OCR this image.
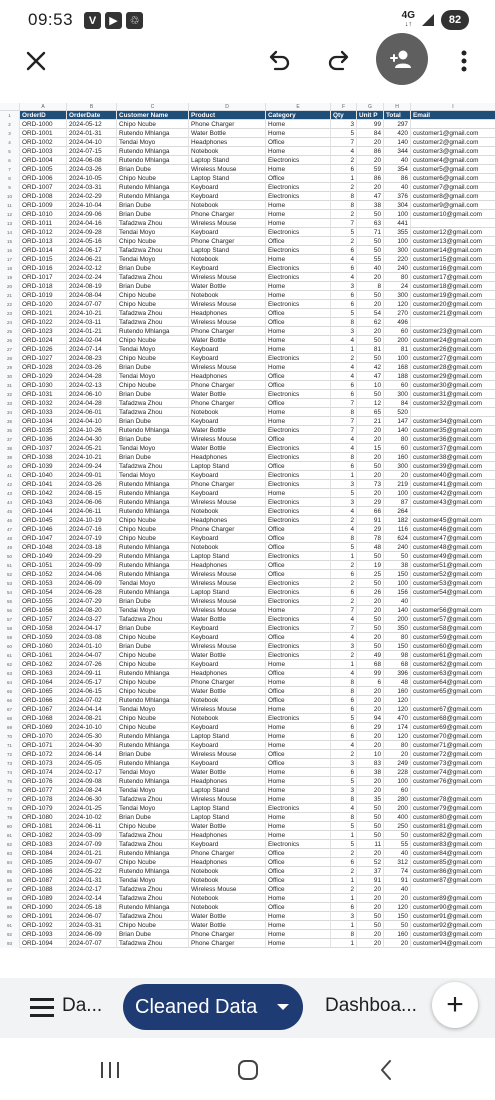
09:53	V	▶	♲	4G
↓↑	82
A	B	C	D	E	F	G	H	I
1	OrderID	OrderDate	Customer Name	Product	Category	Qty	Unit P	Total	Email
2	ORD-1000	2024-05-12	Chipo Ncube	Phone Charger	Home	3	99	297
3	ORD-1001	2024-01-31	Rutendo Mhlanga	Water Bottle	Home	5	84	420 customer1@gmail.com
4	ORD-1002	2024-04-10	Tendai Moyo	Headphones	Office	7	20	140 customer2@gmail.com
5	ORD-1003	2024-07-15	Rutendo Mhlanga	Notebook	Home	4	86	344 customer3@gmail.com
6	ORD-1004	2024-06-08	Rutendo Mhlanga	Laptop Stand	Electronics	2	20	40 customer4@gmail.com
7	ORD-1005	2024-03-26	Brian Dube	Wireless Mouse	Home	6	59	354 customer5@gmail.com
8	ORD-1006	2024-10-05	Chipo Ncube	Laptop Stand	Office	1	86	86 customer6@gmail.com
9	ORD-1007	2024-03-31	Rutendo Mhlanga	Keyboard	Electronics	2	20	40 customer7@gmail.com
10	ORD-1008	2024-02-29	Rutendo Mhlanga	Keyboard	Electronics	8	47	376 customer8@gmail.com
11	ORD-1009	2024-10-04	Brian Dube	Notebook	Home	8	38	304 customer9@gmail.com
12	ORD-1010	2024-09-06	Brian Dube	Phone Charger	Home	2	50	100 customer10@gmail.com
13	ORD-1011	2024-04-16	Tafadzwa Zhou	Wireless Mouse	Home	7	63	441
14	ORD-1012	2024-09-28	Tendai Moyo	Keyboard	Electronics	5	71	355 customer12@gmail.com
15	ORD-1013	2024-05-16	Chipo Ncube	Phone Charger	Office	2	50	100 customer13@gmail.com
16	ORD-1014	2024-06-17	Tafadzwa Zhou	Laptop Stand	Electronics	6	50	300 customer14@gmail.com
17	ORD-1015	2024-06-21	Tendai Moyo	Notebook	Home	4	55	220 customer15@gmail.com
18	ORD-1016	2024-02-12	Brian Dube	Keyboard	Electronics	6	40	240 customer16@gmail.com
19	ORD-1017	2024-02-24	Tafadzwa Zhou	Wireless Mouse	Electronics	4	20	80 customer17@gmail.com
20	ORD-1018	2024-08-19	Brian Dube	Water Bottle	Home	3	8	24 customer18@gmail.com
21	ORD-1019	2024-08-04	Chipo Ncube	Notebook	Home	6	50	300 customer19@gmail.com
22	ORD-1020	2024-07-07	Chipo Ncube	Wireless Mouse	Electronics	6	20	120 customer20@gmail.com
23	ORD-1021	2024-10-21	Tafadzwa Zhou	Headphones	Office	5	54	270 customer21@gmail.com
24	ORD-1022	2024-03-11	Tafadzwa Zhou	Wireless Mouse	Office	8	62	496
25	ORD-1023	2024-01-21	Rutendo Mhlanga	Phone Charger	Home	3	20	60 customer23@gmail.com
26	ORD-1024	2024-02-04	Chipo Ncube	Water Bottle	Home	4	50	200 customer24@gmail.com
27	ORD-1026	2024-07-14	Tendai Moyo	Keyboard	Home	1	81	81 customer26@gmail.com
28	ORD-1027	2024-08-23	Chipo Ncube	Keyboard	Electronics	2	50	100 customer27@gmail.com
29	ORD-1028	2024-03-26	Brian Dube	Wireless Mouse	Home	4	42	168 customer28@gmail.com
30	ORD-1029	2024-04-28	Tendai Moyo	Headphones	Office	4	47	188 customer29@gmail.com
31	ORD-1030	2024-02-13	Chipo Ncube	Phone Charger	Office	6	10	60 customer30@gmail.com
32	ORD-1031	2024-06-10	Brian Dube	Water Bottle	Electronics	6	50	300 customer31@gmail.com
33	ORD-1032	2024-04-28	Tafadzwa Zhou	Phone Charger	Office	7	12	84 customer32@gmail.com
34	ORD-1033	2024-06-01	Tafadzwa Zhou	Notebook	Home	8	65	520
35	ORD-1034	2024-04-10	Brian Dube	Keyboard	Home	7	21	147 customer34@gmail.com
36	ORD-1035	2024-10-26	Rutendo Mhlanga	Water Bottle	Electronics	7	20	140 customer35@gmail.com
37	ORD-1036	2024-04-30	Brian Dube	Wireless Mouse	Office	4	20	80 customer36@gmail.com
38	ORD-1037	2024-05-21	Tendai Moyo	Water Bottle	Electronics	4	15	60 customer37@gmail.com
39	ORD-1038	2024-10-21	Brian Dube	Headphones	Electronics	8	20	160 customer38@gmail.com
40	ORD-1039	2024-09-24	Tafadzwa Zhou	Laptop Stand	Office	6	50	300 customer39@gmail.com
41	ORD-1040	2024-09-01	Tendai Moyo	Keyboard	Electronics	1	20	20 customer40@gmail.com
42	ORD-1041	2024-03-26	Rutendo Mhlanga	Phone Charger	Electronics	3	73	219 customer41@gmail.com
43	ORD-1042	2024-08-15	Rutendo Mhlanga	Keyboard	Home	5	20	100 customer42@gmail.com
44	ORD-1043	2024-06-06	Rutendo Mhlanga	Wireless Mouse	Electronics	3	29	87 customer43@gmail.com
45	ORD-1044	2024-06-11	Rutendo Mhlanga	Notebook	Electronics	4	66	264
46	ORD-1045	2024-10-19	Chipo Ncube	Headphones	Electronics	2	91	182 customer45@gmail.com
47	ORD-1046	2024-07-16	Chipo Ncube	Phone Charger	Office	4	29	116 customer46@gmail.com
48	ORD-1047	2024-07-19	Chipo Ncube	Keyboard	Office	8	78	624 customer47@gmail.com
49	ORD-1048	2024-03-18	Rutendo Mhlanga	Notebook	Office	5	48	240 customer48@gmail.com
50	ORD-1049	2024-09-29	Rutendo Mhlanga	Laptop Stand	Electronics	1	50	50 customer49@gmail.com
51	ORD-1051	2024-09-09	Rutendo Mhlanga	Headphones	Office	2	19	38 customer51@gmail.com
52	ORD-1052	2024-04-06	Rutendo Mhlanga	Wireless Mouse	Office	6	25	150 customer52@gmail.com
53	ORD-1053	2024-06-09	Tendai Moyo	Wireless Mouse	Electronics	2	50	100 customer53@gmail.com
54	ORD-1054	2024-06-28	Rutendo Mhlanga	Laptop Stand	Electronics	6	26	156 customer54@gmail.com
55	ORD-1055	2024-07-29	Brian Dube	Wireless Mouse	Electronics	2	20	40
56	ORD-1056	2024-08-20	Tendai Moyo	Wireless Mouse	Home	7	20	140 customer56@gmail.com
57	ORD-1057	2024-03-27	Tafadzwa Zhou	Water Bottle	Electronics	4	50	200 customer57@gmail.com
58	ORD-1058	2024-04-17	Brian Dube	Keyboard	Electronics	7	50	350 customer58@gmail.com
59	ORD-1059	2024-03-08	Chipo Ncube	Keyboard	Office	4	20	80 customer59@gmail.com
60	ORD-1060	2024-01-10	Brian Dube	Wireless Mouse	Electronics	3	50	150 customer60@gmail.com
61	ORD-1061	2024-04-07	Chipo Ncube	Water Bottle	Electronics	2	49	98 customer61@gmail.com
62	ORD-1062	2024-07-26	Chipo Ncube	Keyboard	Home	1	68	68 customer62@gmail.com
63	ORD-1063	2024-09-11	Rutendo Mhlanga	Headphones	Office	4	99	396 customer63@gmail.com
64	ORD-1064	2024-05-17	Chipo Ncube	Phone Charger	Home	8	6	48 customer64@gmail.com
65	ORD-1065	2024-06-15	Chipo Ncube	Water Bottle	Office	8	20	160 customer65@gmail.com
66	ORD-1066	2024-07-02	Rutendo Mhlanga	Notebook	Office	6	20	120
67	ORD-1067	2024-04-14	Tendai Moyo	Wireless Mouse	Home	6	20	120 customer67@gmail.com
68	ORD-1068	2024-08-21	Chipo Ncube	Notebook	Electronics	5	94	470 customer68@gmail.com
69	ORD-1069	2024-10-10	Chipo Ncube	Keyboard	Home	6	29	174 customer69@gmail.com
70	ORD-1070	2024-05-30	Rutendo Mhlanga	Laptop Stand	Home	6	20	120 customer70@gmail.com
71	ORD-1071	2024-04-30	Rutendo Mhlanga	Keyboard	Home	4	20	80 customer71@gmail.com
72	ORD-1072	2024-06-14	Brian Dube	Wireless Mouse	Office	2	10	20 customer72@gmail.com
73	ORD-1073	2024-05-05	Rutendo Mhlanga	Keyboard	Office	3	83	249 customer73@gmail.com
74	ORD-1074	2024-02-17	Tendai Moyo	Water Bottle	Home	6	38	228 customer74@gmail.com
75	ORD-1076	2024-09-08	Rutendo Mhlanga	Headphones	Home	5	20	100 customer76@gmail.com
76	ORD-1077	2024-08-24	Tendai Moyo	Laptop Stand	Home	3	20	60
77	ORD-1078	2024-06-30	Tafadzwa Zhou	Wireless Mouse	Home	8	35	280 customer78@gmail.com
78	ORD-1079	2024-01-25	Tendai Moyo	Laptop Stand	Electronics	4	50	200 customer79@gmail.com
79	ORD-1080	2024-10-02	Brian Dube	Laptop Stand	Home	8	50	400 customer80@gmail.com
80	ORD-1081	2024-06-11	Chipo Ncube	Water Bottle	Home	5	50	250 customer81@gmail.com
81	ORD-1082	2024-03-09	Tafadzwa Zhou	Headphones	Home	1	50	50 customer82@gmail.com
82	ORD-1083	2024-07-09	Tafadzwa Zhou	Keyboard	Electronics	5	11	55 customer83@gmail.com
83	ORD-1084	2024-01-21	Rutendo Mhlanga	Phone Charger	Office	2	20	40 customer84@gmail.com
84	ORD-1085	2024-09-07	Chipo Ncube	Headphones	Office	6	52	312 customer85@gmail.com
85	ORD-1086	2024-05-22	Rutendo Mhlanga	Notebook	Office	2	37	74 customer86@gmail.com
86	ORD-1087	2024-01-31	Tendai Moyo	Notebook	Office	1	91	91 customer87@gmail.com
87	ORD-1088	2024-02-17	Tafadzwa Zhou	Wireless Mouse	Office	2	20	40
88	ORD-1089	2024-02-14	Tafadzwa Zhou	Notebook	Home	1	20	20 customer89@gmail.com
89	ORD-1090	2024-05-18	Rutendo Mhlanga	Notebook	Office	6	20	120 customer90@gmail.com
90	ORD-1091	2024-06-07	Tafadzwa Zhou	Water Bottle	Home	3	50	150 customer91@gmail.com
91	ORD-1092	2024-03-31	Chipo Ncube	Water Bottle	Home	1	50	50 customer92@gmail.com
92	ORD-1093	2024-06-09	Brian Dube	Phone Charger	Home	8	20	160 customer93@gmail.com
93	ORD-1094	2024-07-07	Tafadzwa Zhou	Phone Charger	Home	1	20	20 customer94@gmail.com
Da... Cleaned Data	Dashboa... +
